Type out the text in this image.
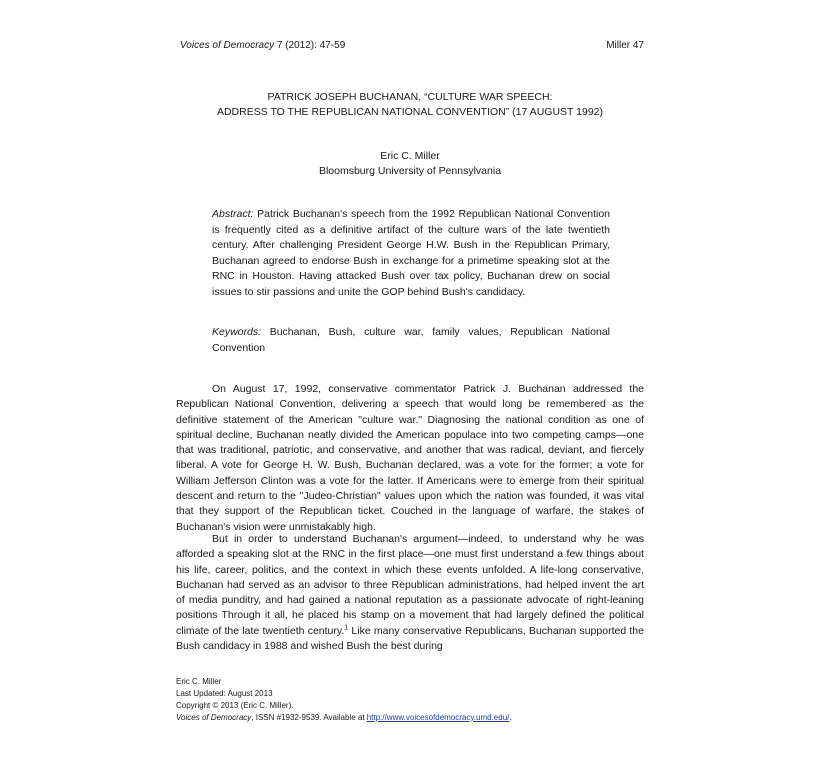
Voices of Democracy 7 (2012): 47-59	Miller 47
PATRICK JOSEPH BUCHANAN, “CULTURE WAR SPEECH:
ADDRESS TO THE REPUBLICAN NATIONAL CONVENTION” (17 AUGUST 1992)
Eric C. Miller
Bloomsburg University of Pennsylvania
Abstract: Patrick Buchanan's speech from the 1992 Republican National Convention is frequently cited as a definitive artifact of the culture wars of the late twentieth century. After challenging President George H.W. Bush in the Republican Primary, Buchanan agreed to endorse Bush in exchange for a primetime speaking slot at the RNC in Houston. Having attacked Bush over tax policy, Buchanan drew on social issues to stir passions and unite the GOP behind Bush's candidacy.
Keywords: Buchanan, Bush, culture war, family values, Republican National Convention
On August 17, 1992, conservative commentator Patrick J. Buchanan addressed the Republican National Convention, delivering a speech that would long be remembered as the definitive statement of the American "culture war." Diagnosing the national condition as one of spiritual decline, Buchanan neatly divided the American populace into two competing camps—one that was traditional, patriotic, and conservative, and another that was radical, deviant, and fiercely liberal. A vote for George H. W. Bush, Buchanan declared, was a vote for the former; a vote for William Jefferson Clinton was a vote for the latter. If Americans were to emerge from their spiritual descent and return to the "Judeo-Christian" values upon which the nation was founded, it was vital that they support of the Republican ticket. Couched in the language of warfare, the stakes of Buchanan's vision were unmistakably high.
But in order to understand Buchanan's argument—indeed, to understand why he was afforded a speaking slot at the RNC in the first place—one must first understand a few things about his life, career, politics, and the context in which these events unfolded. A life-long conservative, Buchanan had served as an advisor to three Republican administrations, had helped invent the art of media punditry, and had gained a national reputation as a passionate advocate of right-leaning positions Through it all, he placed his stamp on a movement that had largely defined the political climate of the late twentieth century.$^1$ Like many conservative Republicans, Buchanan supported the Bush candidacy in 1988 and wished Bush the best during
Eric C. Miller
Last Updated: August 2013
Copyright © 2013 (Eric C. Miller).
Voices of Democracy, ISSN #1932-9539. Available at http://www.voicesofdemocracy.umd.edu/.
